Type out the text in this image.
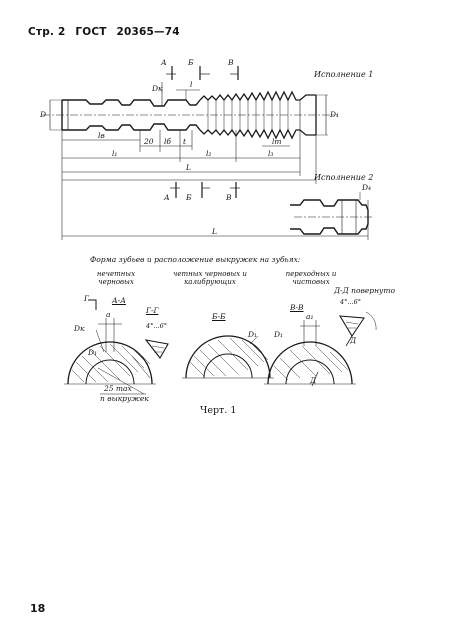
Стр. 2 ГОСТ 20365—74
Исполнение 1
Исполнение 2
А	Б	В
А Б	В
D
Dк
D₁
D₄
l
lв
20 lб t	lт
l₁	l₂	l₃
L
L
Форма зубьев и расположение выкружек на зубьях:
нечетных черновых
четных черновых и калибрующих
переходных и чистовых
Г	А-А
Г-Г
Б-Б
В-В
Д-Д повернуто
4°...6°
4°...6°
a	a₁
Dк
D₁
D₁ D₁
Д
Д
25 max
п выкружек
Черт. 1
18
